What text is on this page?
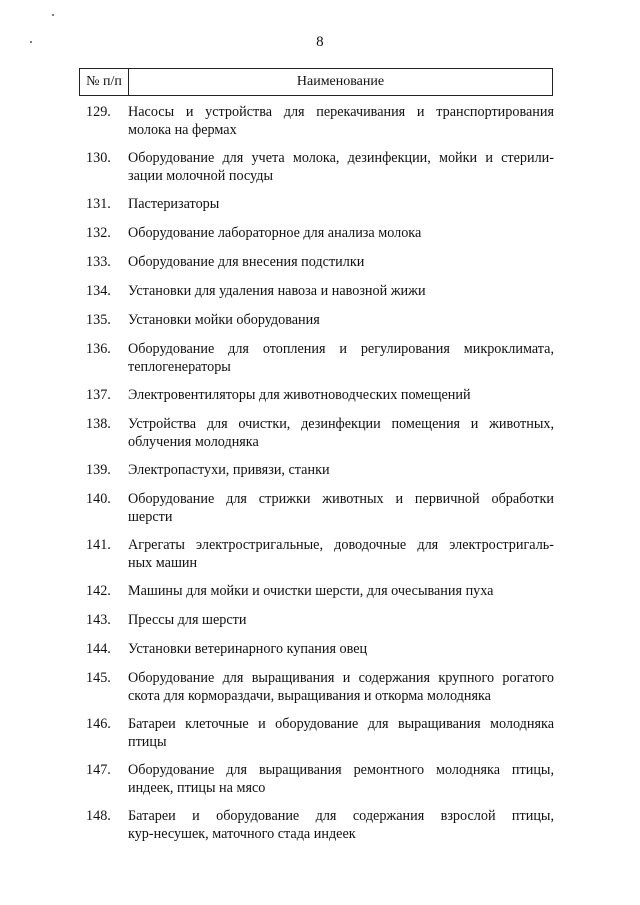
8
№ п/п	Наименование
129.	Насосы и устройства для перекачивания и транспортирования
молока на фермах
130.	Оборудование для учета молока, дезинфекции, мойки и стерили-
зации молочной посуды
131.	Пастеризаторы
132.	Оборудование лабораторное для анализа молока
133.	Оборудование для внесения подстилки
134.	Установки для удаления навоза и навозной жижи
135.	Установки мойки оборудования
136.	Оборудование для отопления и регулирования микроклимата,
теплогенераторы
137.	Электровентиляторы для животноводческих помещений
138.	Устройства для очистки, дезинфекции помещения и животных,
облучения молодняка
139.	Электропастухи, привязи, станки
140.	Оборудование для стрижки животных и первичной обработки
шерсти
141.	Агрегаты электростригальные, доводочные для электростригаль-
ных машин
142.	Машины для мойки и очистки шерсти, для очесывания пуха
143.	Прессы для шерсти
144.	Установки ветеринарного купания овец
145.	Оборудование для выращивания и содержания крупного рогатого
скота для кормораздачи, выращивания и откорма молодняка
146.	Батареи клеточные и оборудование для выращивания молодняка
птицы
147.	Оборудование для выращивания ремонтного молодняка птицы,
индеек, птицы на мясо
148.	Батареи и оборудование для содержания взрослой птицы,
кур-несушек, маточного стада индеек
